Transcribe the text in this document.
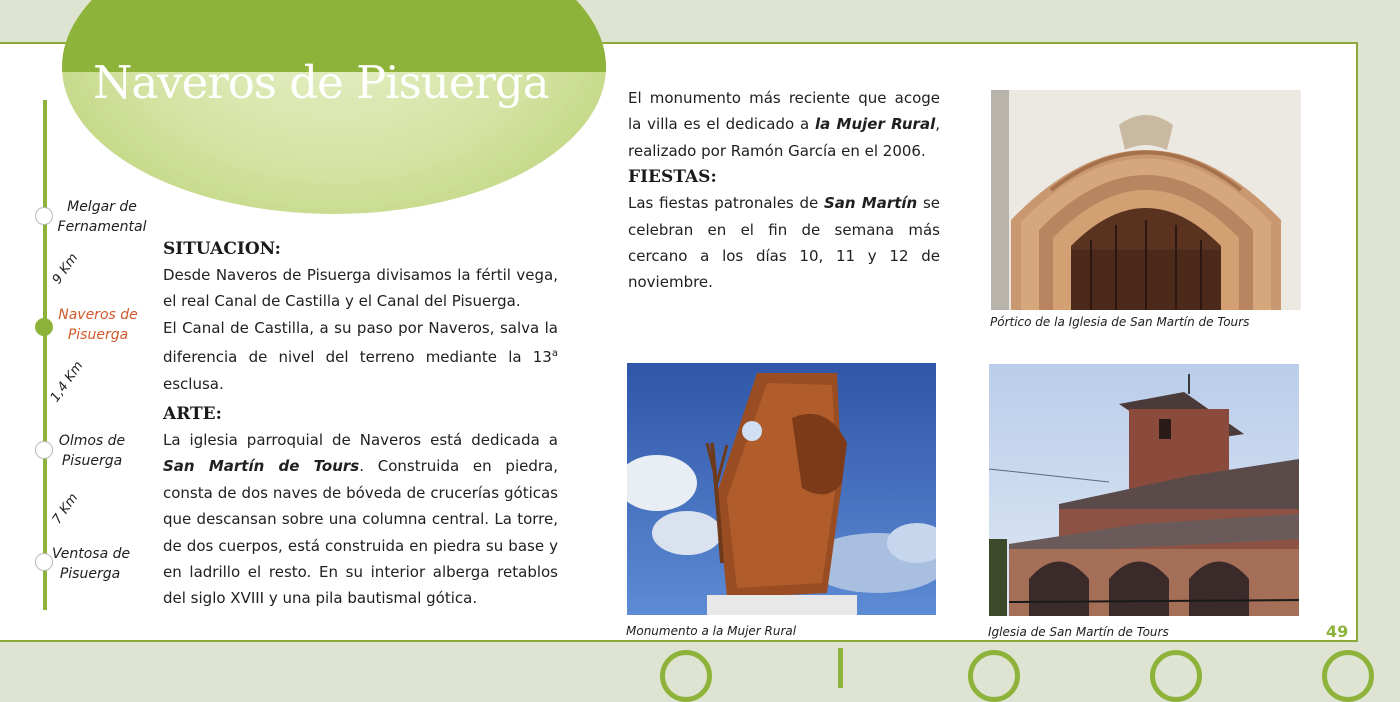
Naveros de Pisuerga
Melgar de
Fernamental
9 Km
Naveros de
Pisuerga
1,4 Km
Olmos de
Pisuerga
7 Km
Ventosa de
Pisuerga
SITUACION:

Desde Naveros de Pisuerga divisamos la fértil vega, el real Canal de Castilla y el Canal del Pisuerga.

El Canal de Castilla, a su paso por Naveros, salva la diferencia de nivel del terreno mediante la 13$^a$ esclusa.

ARTE:

La iglesia parroquial de Naveros está dedicada a San Martín de Tours. Construida en piedra, consta de dos naves de bóveda de crucerías góticas que descansan sobre una columna central. La torre, de dos cuerpos, está construida en piedra su base y en ladrillo el resto. En su interior alberga retablos del siglo XVIII y una pila bautismal gótica.

El monumento más reciente que acoge la villa es el dedicado a la Mujer Rural, realizado por Ramón García en el 2006.

FIESTAS:

Las fiestas patronales de San Martín se celebran en el fin de semana más cercano a los días 10, 11 y 12 de noviembre.

Pórtico de la Iglesia de San Martín de Tours
Monumento a la Mujer Rural	Iglesia de San Martín de Tours	49
